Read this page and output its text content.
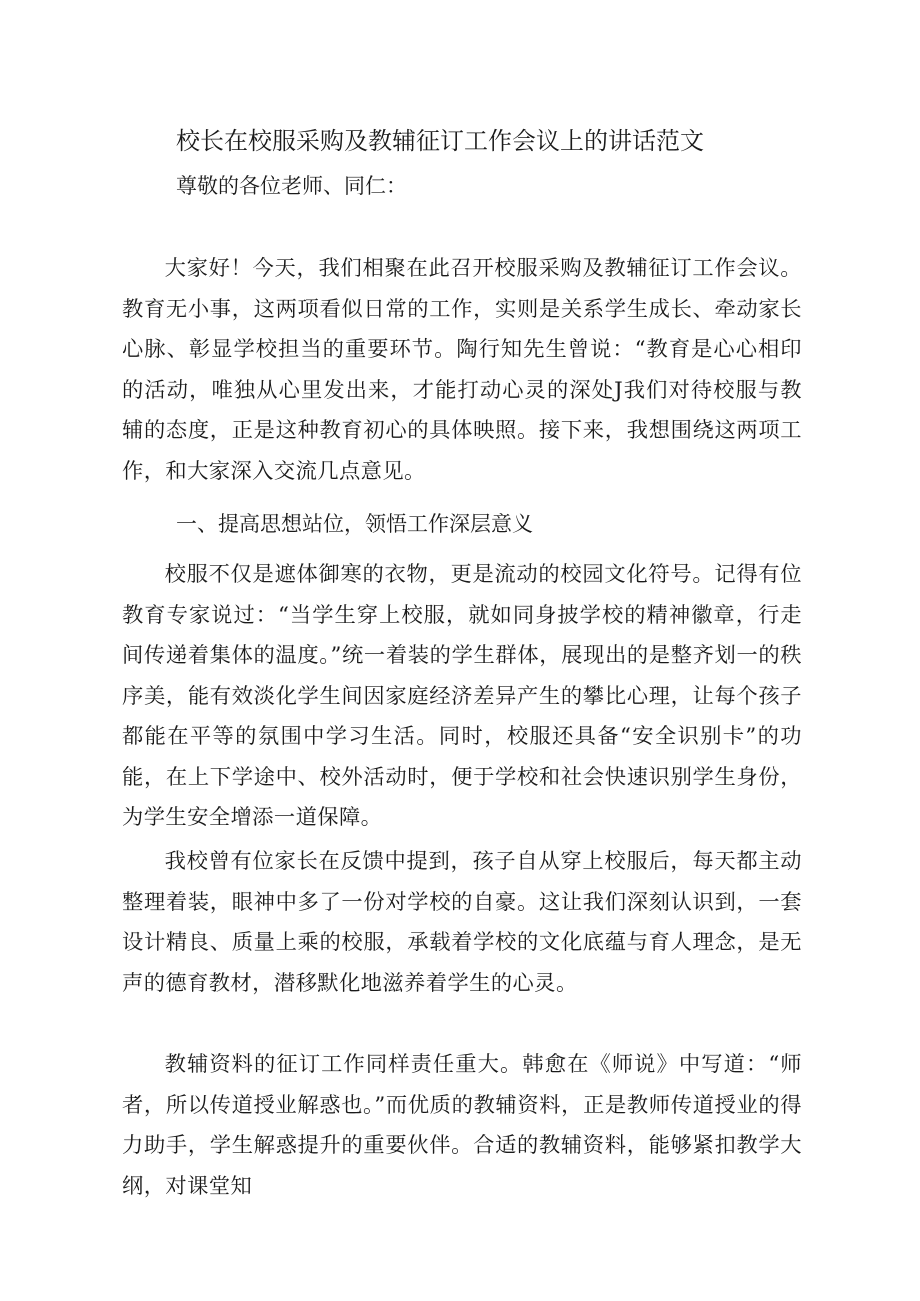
校长在校服采购及教辅征订工作会议上的讲话范文
尊敬的各位老师、同仁：

大家好！今天，我们相聚在此召开校服采购及教辅征订工作会议。教育无小事，这两项看似日常的工作，实则是关系学生成长、牵动家长心脉、彰显学校担当的重要环节。陶行知先生曾说：“教育是心心相印的活动，唯独从心里发出来，才能打动心灵的深处J我们对待校服与教辅的态度，正是这种教育初心的具体映照。接下来，我想围绕这两项工作，和大家深入交流几点意见。

一、提高思想站位，领悟工作深层意义

校服不仅是遮体御寒的衣物，更是流动的校园文化符号。记得有位教育专家说过：“当学生穿上校服，就如同身披学校的精神徽章，行走间传递着集体的温度。”统一着装的学生群体，展现出的是整齐划一的秩序美，能有效淡化学生间因家庭经济差异产生的攀比心理，让每个孩子都能在平等的氛围中学习生活。同时，校服还具备“安全识别卡”的功能，在上下学途中、校外活动时，便于学校和社会快速识别学生身份，为学生安全增添一道保障。

我校曾有位家长在反馈中提到，孩子自从穿上校服后，每天都主动整理着装，眼神中多了一份对学校的自豪。这让我们深刻认识到，一套设计精良、质量上乘的校服，承载着学校的文化底蕴与育人理念，是无声的德育教材，潜移默化地滋养着学生的心灵。

教辅资料的征订工作同样责任重大。韩愈在《师说》中写道：“师者，所以传道授业解惑也。”而优质的教辅资料，正是教师传道授业的得力助手，学生解惑提升的重要伙伴。合适的教辅资料，能够紧扣教学大纲，对课堂知
